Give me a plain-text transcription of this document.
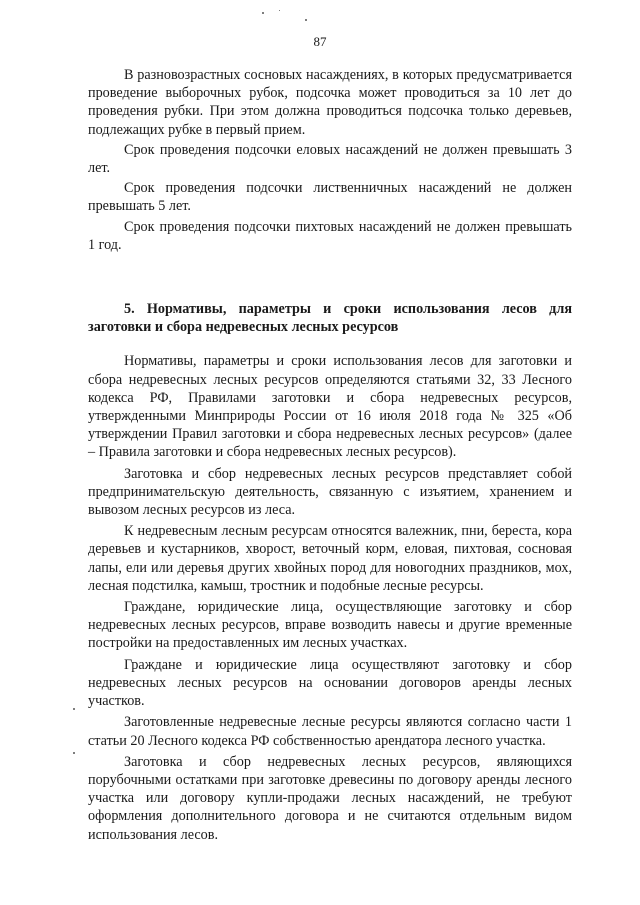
87

В разновозрастных сосновых насаждениях, в которых предусматривается проведение выборочных рубок, подсочка может проводиться за 10 лет до проведения рубки. При этом должна проводиться подсочка только деревьев, подлежащих рубке в первый прием.

Срок проведения подсочки еловых насаждений не должен превышать 3 лет.

Срок проведения подсочки лиственничных насаждений не должен превышать 5 лет.

Срок проведения подсочки пихтовых насаждений не должен превышать 1 год.

5. Нормативы, параметры и сроки использования лесов для заготовки и сбора недревесных лесных ресурсов

Нормативы, параметры и сроки использования лесов для заготовки и сбора недревесных лесных ресурсов определяются статьями 32, 33 Лесного кодекса РФ, Правилами заготовки и сбора недревесных ресурсов, утвержденными Минприроды России от 16 июля 2018 года № 325 «Об утверждении Правил заготовки и сбора недревесных лесных ресурсов» (далее – Правила заготовки и сбора недревесных лесных ресурсов).

Заготовка и сбор недревесных лесных ресурсов представляет собой предпринимательскую деятельность, связанную с изъятием, хранением и вывозом лесных ресурсов из леса.

К недревесным лесным ресурсам относятся валежник, пни, береста, кора деревьев и кустарников, хворост, веточный корм, еловая, пихтовая, сосновая лапы, ели или деревья других хвойных пород для новогодних праздников, мох, лесная подстилка, камыш, тростник и подобные лесные ресурсы.

Граждане, юридические лица, осуществляющие заготовку и сбор недревесных лесных ресурсов, вправе возводить навесы и другие временные постройки на предоставленных им лесных участках.

Граждане и юридические лица осуществляют заготовку и сбор недревесных лесных ресурсов на основании договоров аренды лесных участков.

Заготовленные недревесные лесные ресурсы являются согласно части 1 статьи 20 Лесного кодекса РФ собственностью арендатора лесного участка.

Заготовка и сбор недревесных лесных ресурсов, являющихся порубочными остатками при заготовке древесины по договору аренды лесного участка или договору купли-продажи лесных насаждений, не требуют оформления дополнительного договора и не считаются отдельным видом использования лесов.
